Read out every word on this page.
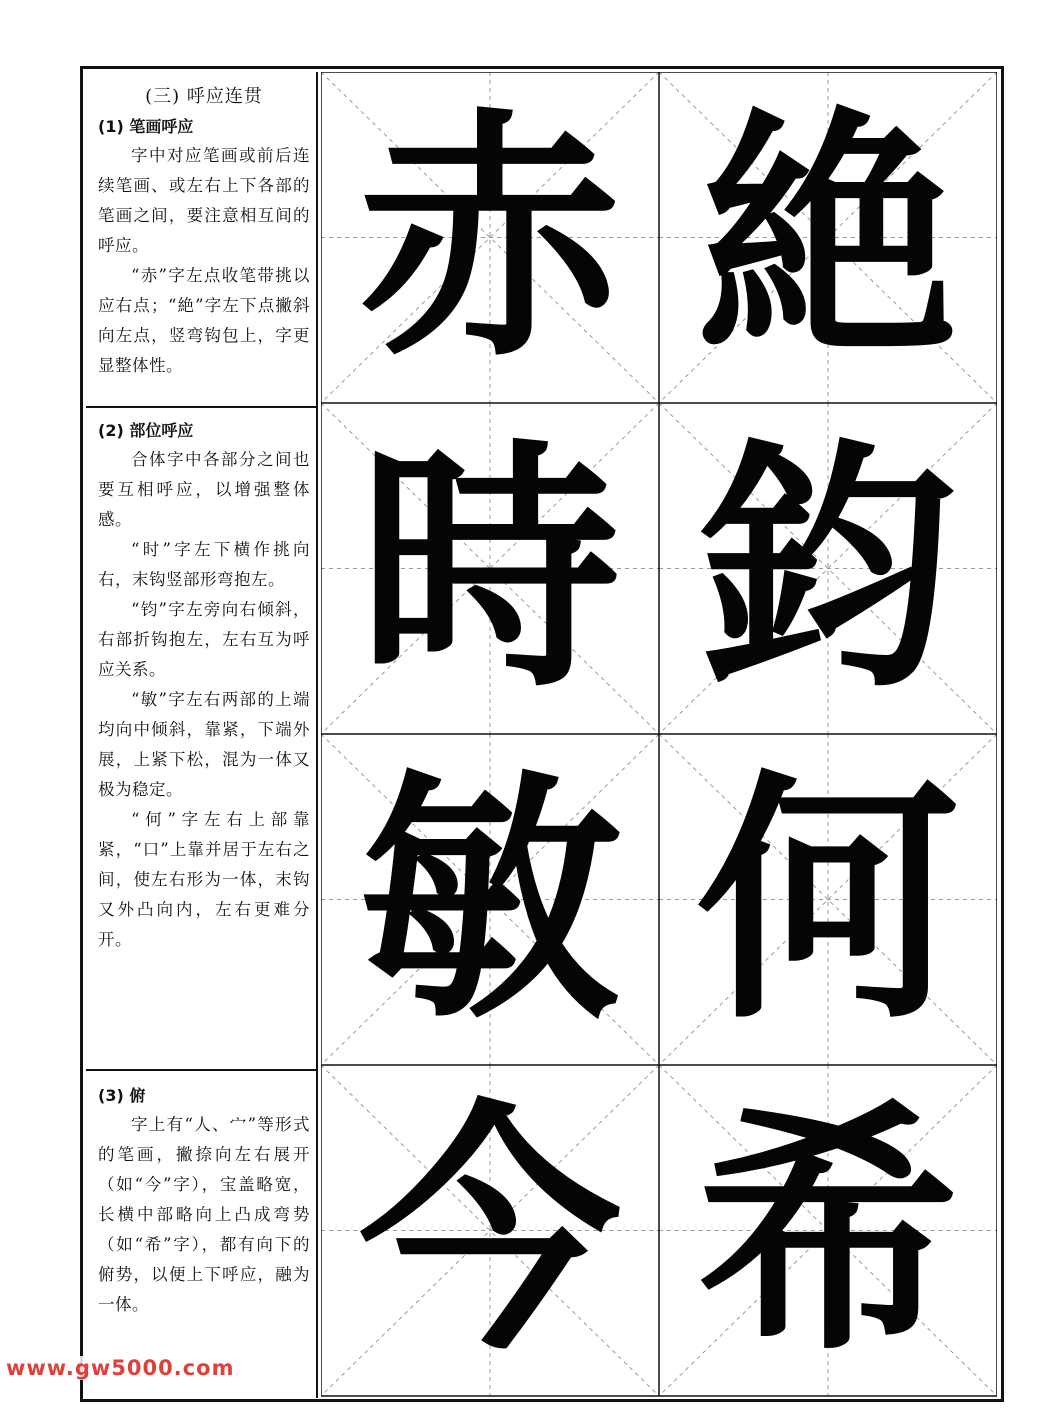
(三) 呼应连贯
(1) 笔画呼应

字中对应笔画或前后连续笔画、或左右上下各部的笔画之间，要注意相互间的呼应。

“赤”字左点收笔带挑以应右点；“絶”字左下点撇斜向左点，竖弯钩包上，字更显整体性。

(2) 部位呼应

合体字中各部分之间也要互相呼应，以增强整体感。

“时”字左下横作挑向右，末钩竖部形弯抱左。

“钧”字左旁向右倾斜，右部折钩抱左，左右互为呼应关系。

“敏”字左右两部的上端均向中倾斜，靠紧，下端外展，上紧下松，混为一体又极为稳定。

“何”字左右上部靠紧，“口”上靠并居于左右之间，使左右形为一体，末钩又外凸向内，左右更难分开。

(3) 俯

字上有“人、宀”等形式的笔画，撇捺向左右展开（如“今”字），宝盖略宽，长横中部略向上凸成弯势（如“希”字），都有向下的俯势，以便上下呼应，融为一体。

赤 絶
時 鈞
敏 何
今 希
www.gw5000.com
